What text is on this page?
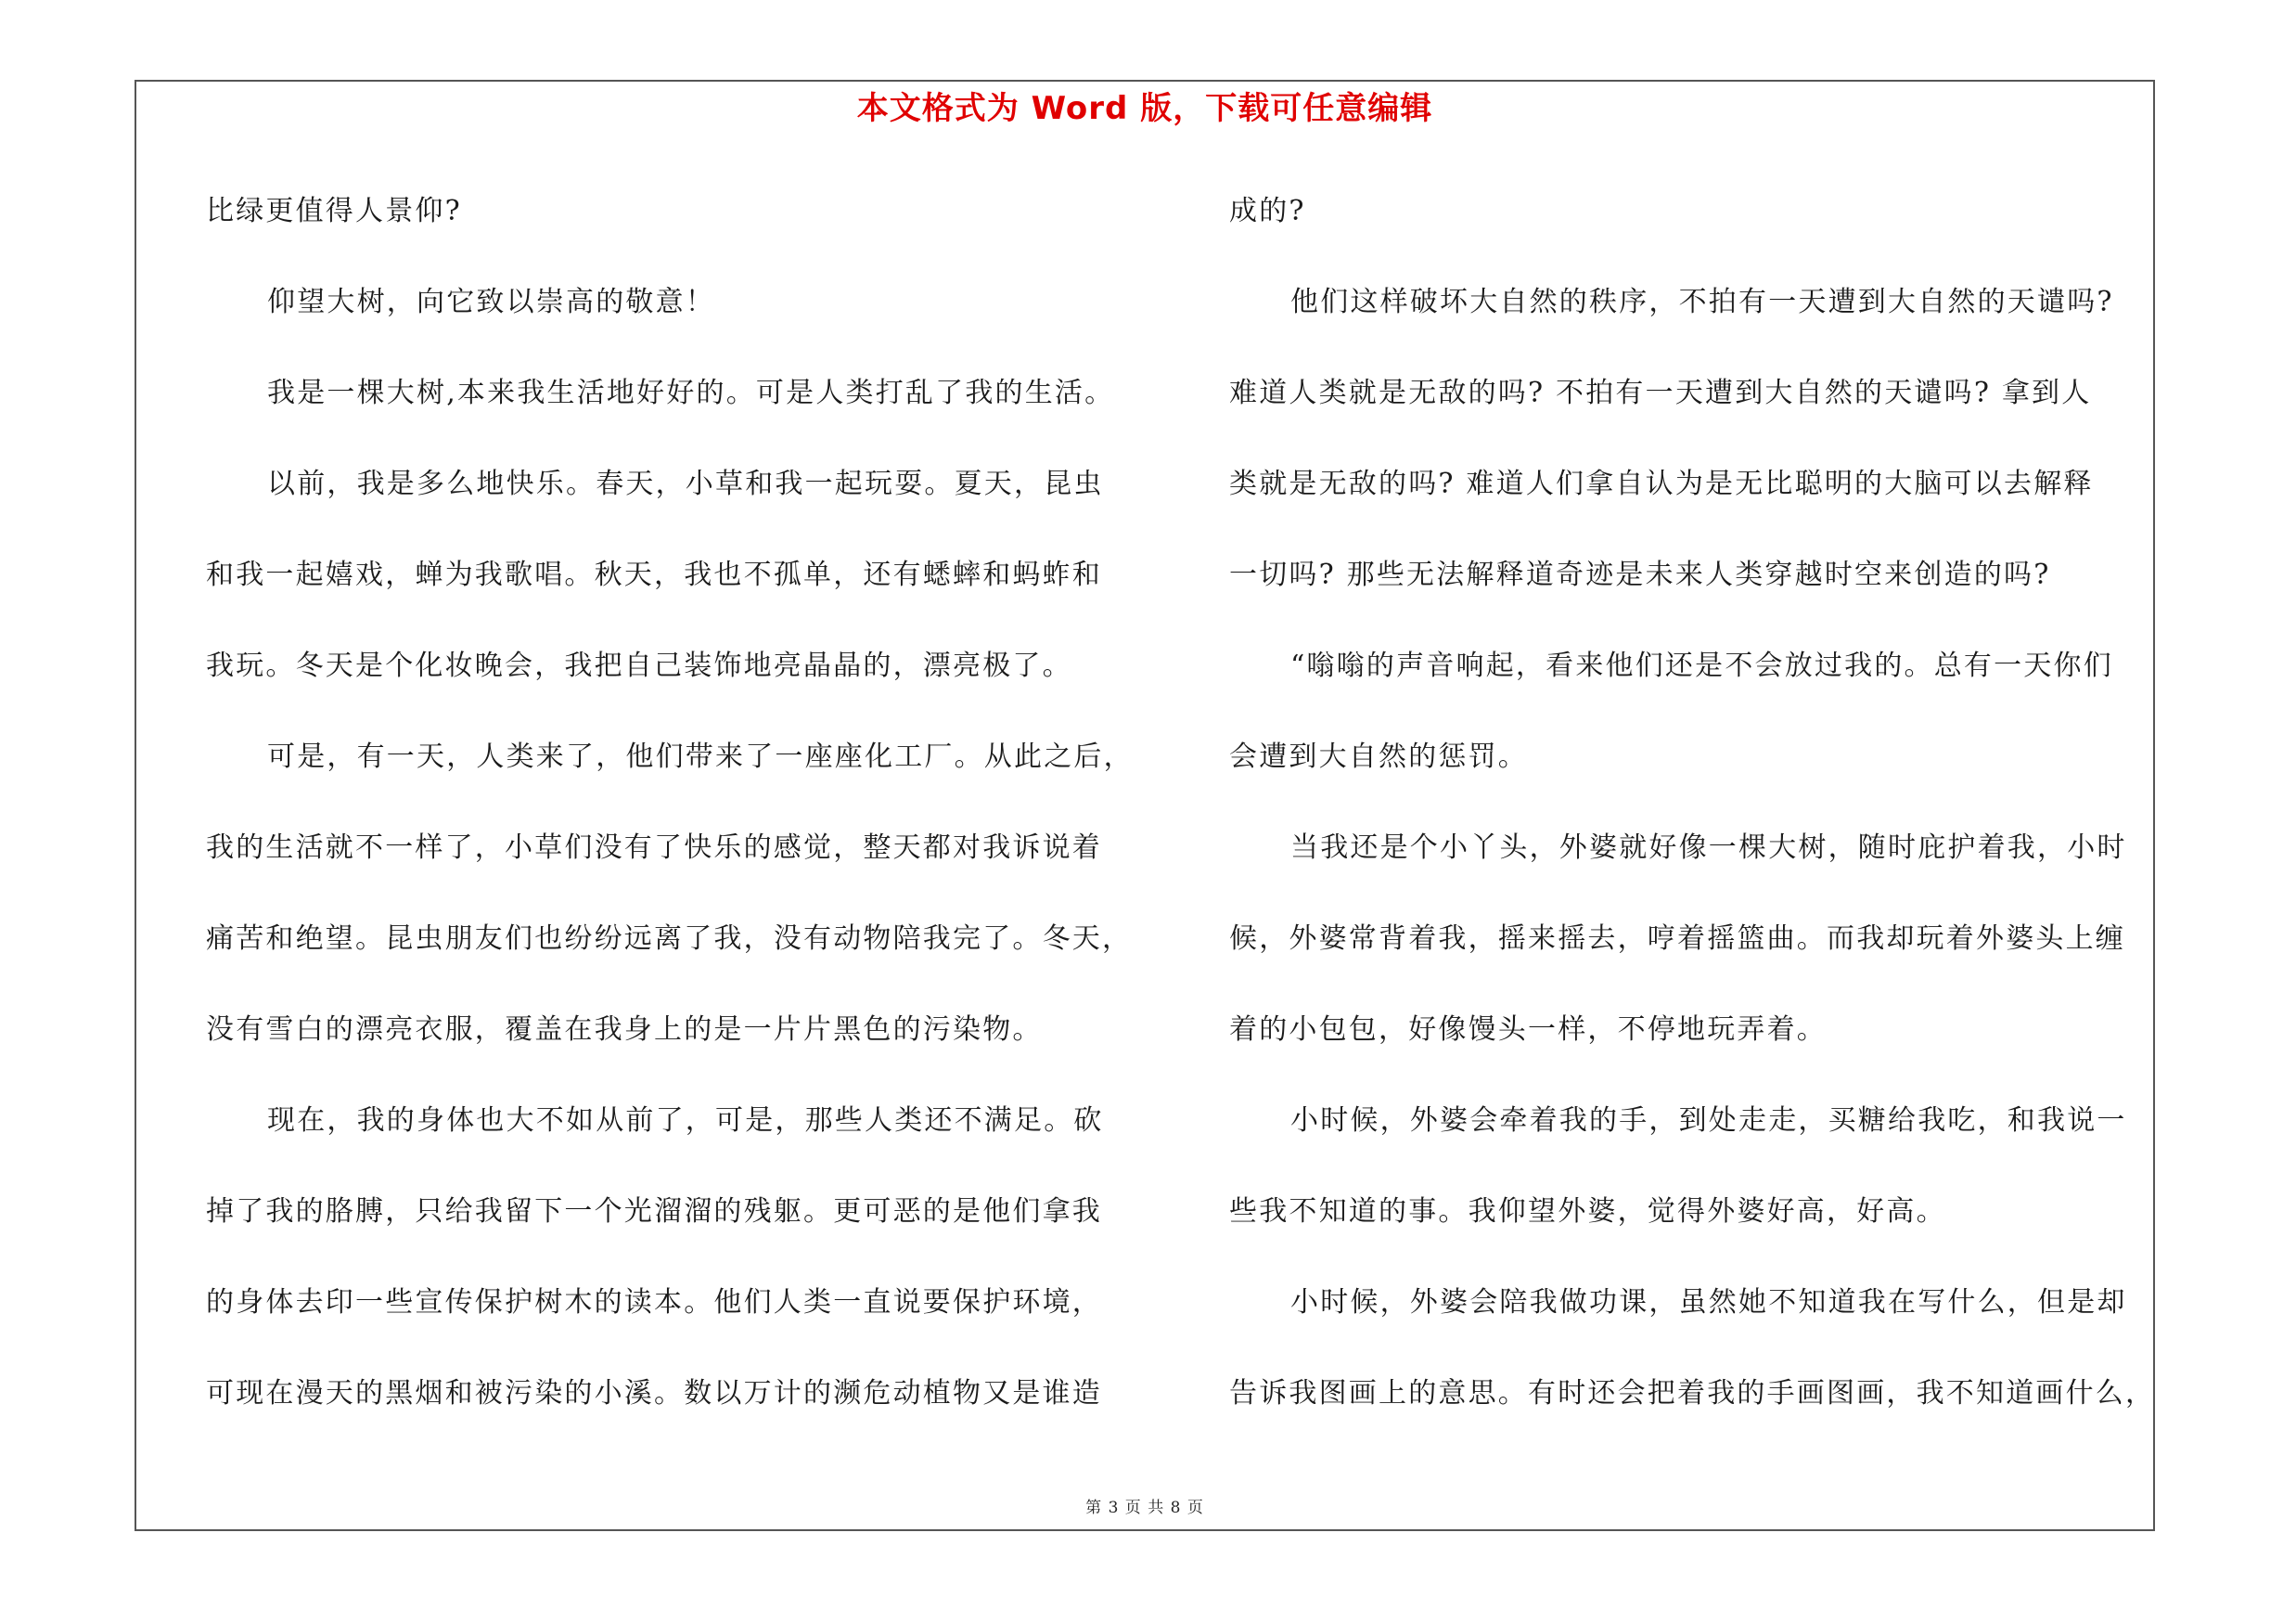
本文格式为 Word 版，下载可任意编辑
比绿更值得人景仰?
仰望大树，向它致以崇高的敬意！
我是一棵大树,本来我生活地好好的。可是人类打乱了我的生活。
以前，我是多么地快乐。春天，小草和我一起玩耍。夏天，昆虫
和我一起嬉戏，蝉为我歌唱。秋天，我也不孤单，还有蟋蟀和蚂蚱和
我玩。冬天是个化妆晚会，我把自己装饰地亮晶晶的，漂亮极了。
可是，有一天，人类来了，他们带来了一座座化工厂。从此之后，
我的生活就不一样了，小草们没有了快乐的感觉，整天都对我诉说着
痛苦和绝望。昆虫朋友们也纷纷远离了我，没有动物陪我完了。冬天，
没有雪白的漂亮衣服，覆盖在我身上的是一片片黑色的污染物。
现在，我的身体也大不如从前了，可是，那些人类还不满足。砍
掉了我的胳膊，只给我留下一个光溜溜的残躯。更可恶的是他们拿我
的身体去印一些宣传保护树木的读本。他们人类一直说要保护环境，
可现在漫天的黑烟和被污染的小溪。数以万计的濒危动植物又是谁造
成的?
他们这样破坏大自然的秩序，不拍有一天遭到大自然的天谴吗?
难道人类就是无敌的吗? 不拍有一天遭到大自然的天谴吗? 拿到人
类就是无敌的吗? 难道人们拿自认为是无比聪明的大脑可以去解释
一切吗? 那些无法解释道奇迹是未来人类穿越时空来创造的吗?
“嗡嗡的声音响起，看来他们还是不会放过我的。总有一天你们
会遭到大自然的惩罚。
当我还是个小丫头，外婆就好像一棵大树，随时庇护着我，小时
候，外婆常背着我，摇来摇去，哼着摇篮曲。而我却玩着外婆头上缠
着的小包包，好像馒头一样，不停地玩弄着。
小时候，外婆会牵着我的手，到处走走，买糖给我吃，和我说一
些我不知道的事。我仰望外婆，觉得外婆好高，好高。
小时候，外婆会陪我做功课，虽然她不知道我在写什么，但是却
告诉我图画上的意思。有时还会把着我的手画图画，我不知道画什么，
第 3 页 共 8 页
